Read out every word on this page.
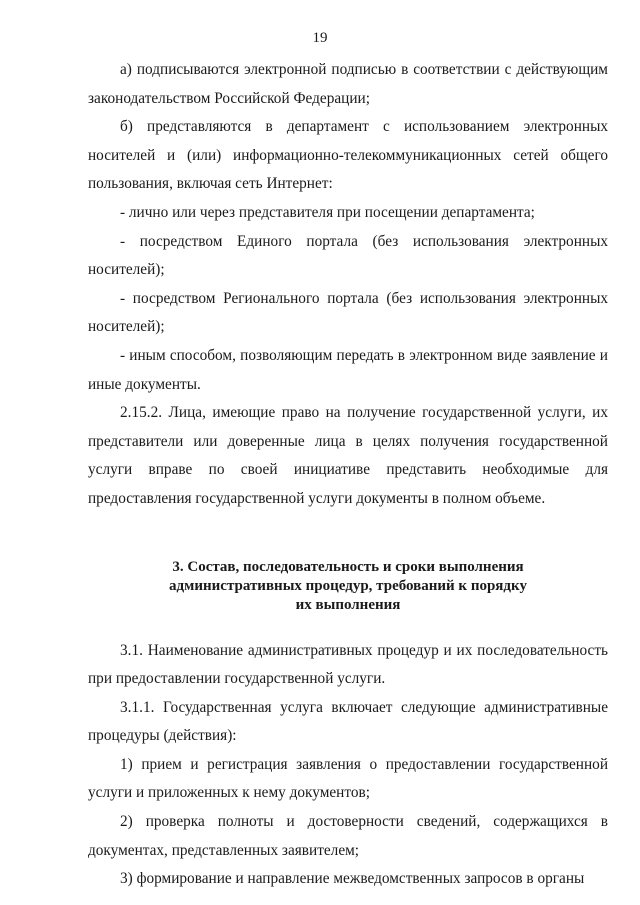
19

а) подписываются электронной подписью в соответствии с действующим законодательством Российской Федерации;

б) представляются в департамент с использованием электронных носителей и (или) информационно-телекоммуникационных сетей общего пользования, включая сеть Интернет:

- лично или через представителя при посещении департамента;

- посредством Единого портала (без использования электронных носителей);

- посредством Регионального портала (без использования электронных носителей);

- иным способом, позволяющим передать в электронном виде заявление и иные документы.

2.15.2. Лица, имеющие право на получение государственной услуги, их представители или доверенные лица в целях получения государственной услуги вправе по своей инициативе представить необходимые для предоставления государственной услуги документы в полном объеме.

3. Состав, последовательность и сроки выполнения
административных процедур, требований к порядку
их выполнения

3.1. Наименование административных процедур и их последовательность при предоставлении государственной услуги.

3.1.1. Государственная услуга включает следующие административные процедуры (действия):

1) прием и регистрация заявления о предоставлении государственной услуги и приложенных к нему документов;

2) проверка полноты и достоверности сведений, содержащихся в документах, представленных заявителем;

3) формирование и направление межведомственных запросов в органы
